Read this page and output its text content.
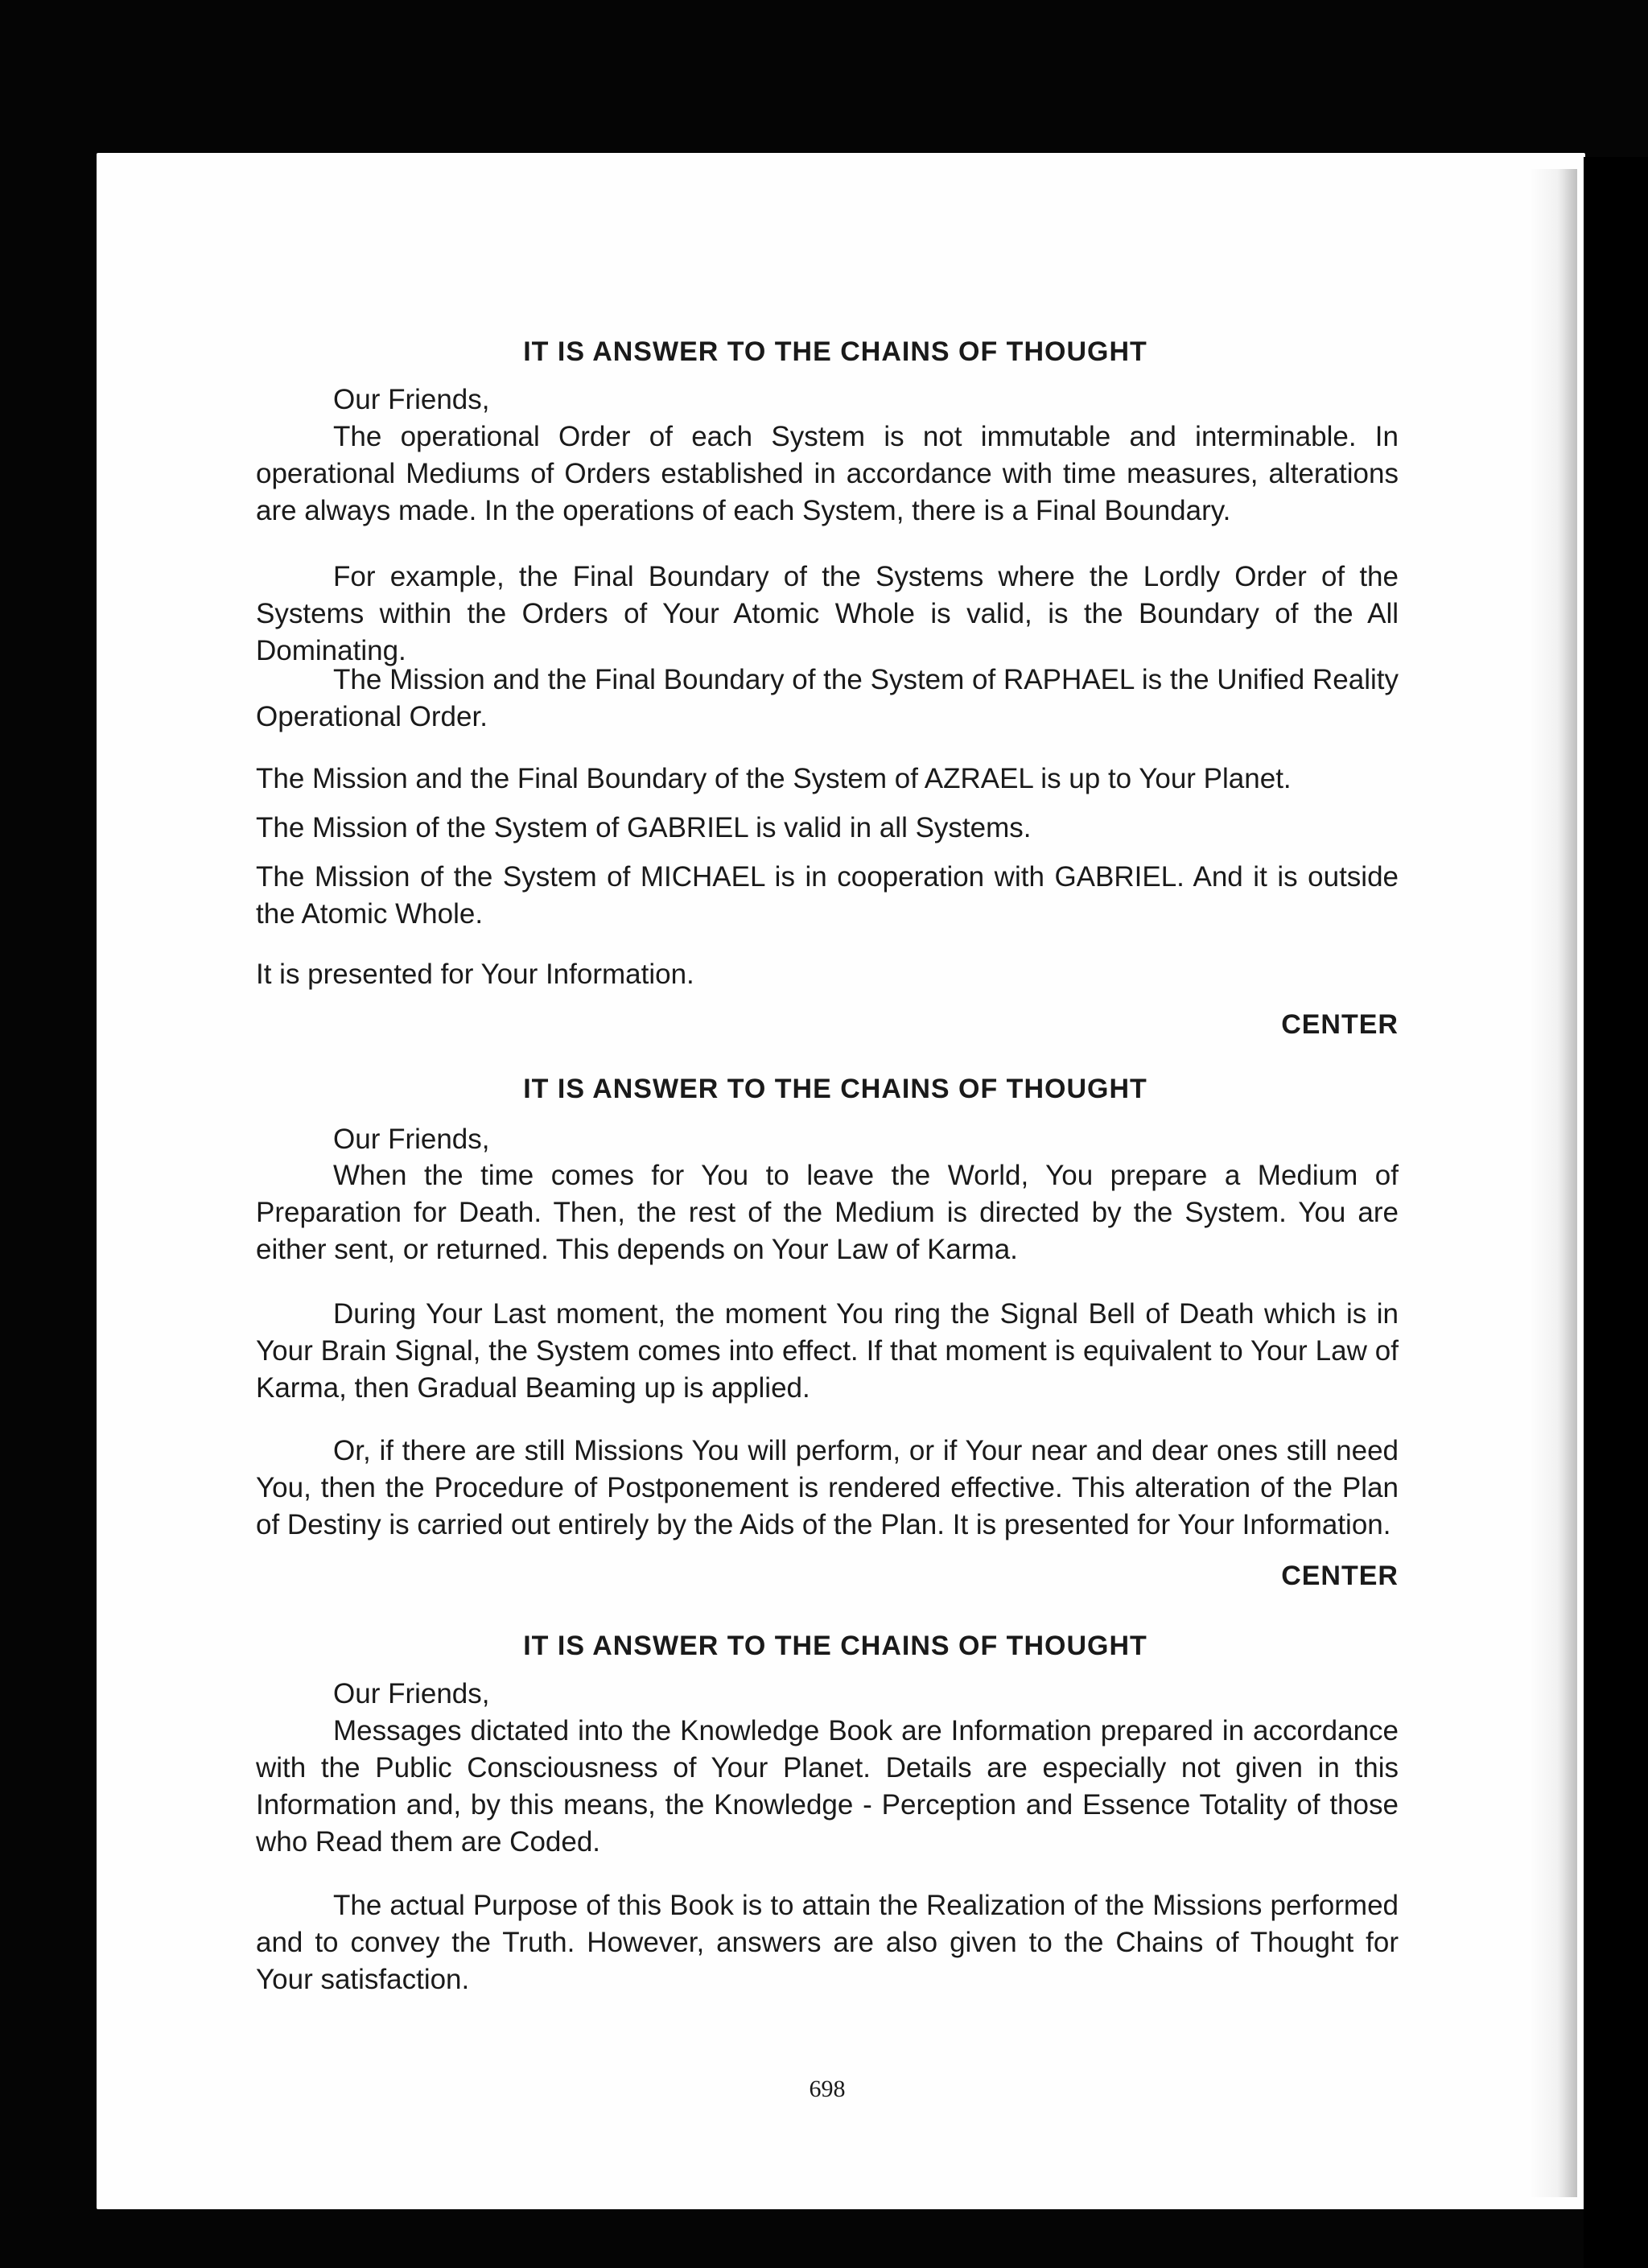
IT IS ANSWER TO THE CHAINS OF THOUGHT

Our Friends,

The operational Order of each System is not immutable and interminable. In operational Mediums of Orders established in accordance with time measures, alterations are always made. In the operations of each System, there is a Final Boundary.

For example, the Final Boundary of the Systems where the Lordly Order of the Systems within the Orders of Your Atomic Whole is valid, is the Boundary of the All Dominating.

The Mission and the Final Boundary of the System of RAPHAEL is the Unified Reality Operational Order.

The Mission and the Final Boundary of the System of AZRAEL is up to Your Planet.

The Mission of the System of GABRIEL is valid in all Systems.

The Mission of the System of MICHAEL is in cooperation with GABRIEL. And it is outside the Atomic Whole.

It is presented for Your Information.

CENTER
IT IS ANSWER TO THE CHAINS OF THOUGHT

Our Friends,

When the time comes for You to leave the World, You prepare a Medium of Preparation for Death. Then, the rest of the Medium is directed by the System. You are either sent, or returned. This depends on Your Law of Karma.

During Your Last moment, the moment You ring the Signal Bell of Death which is in Your Brain Signal, the System comes into effect. If that moment is equivalent to Your Law of Karma, then Gradual Beaming up is applied.

Or, if there are still Missions You will perform, or if Your near and dear ones still need You, then the Procedure of Postponement is rendered effective. This alteration of the Plan of Destiny is carried out entirely by the Aids of the Plan. It is presented for Your Information.

CENTER
IT IS ANSWER TO THE CHAINS OF THOUGHT

Our Friends,

Messages dictated into the Knowledge Book are Information prepared in accordance with the Public Consciousness of Your Planet. Details are especially not given in this Information and, by this means, the Knowledge - Perception and Essence Totality of those who Read them are Coded.

The actual Purpose of this Book is to attain the Realization of the Missions performed and to convey the Truth. However, answers are also given to the Chains of Thought for Your satisfaction.

698
